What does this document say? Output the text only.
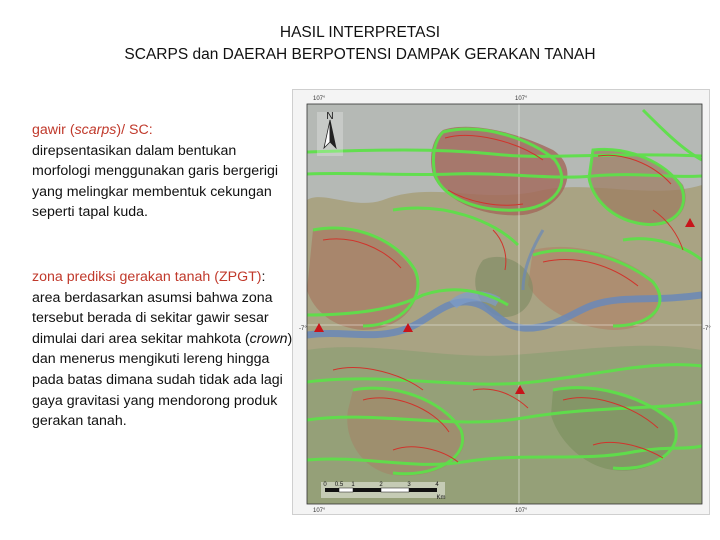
HASIL INTERPRETASI
SCARPS dan DAERAH BERPOTENSI DAMPAK GERAKAN TANAH

gawir (scarps)/ SC:

direpsentasikan dalam bentukan morfologi menggunakan garis bergerigi yang melingkar membentuk cekungan seperti tapal kuda.

zona prediksi gerakan tanah (ZPGT):

area berdasarkan asumsi bahwa zona tersebut berada di sekitar gawir sesar dimulai dari area sekitar mahkota (crown) dan menerus mengikuti lereng hingga pada batas dimana sudah tidak ada lagi gaya gravitasi yang mendorong produk gerakan tanah.

N
107°	107°
107°	107°
-7°	-7°
0 0.5 1	2	3	4
Km
